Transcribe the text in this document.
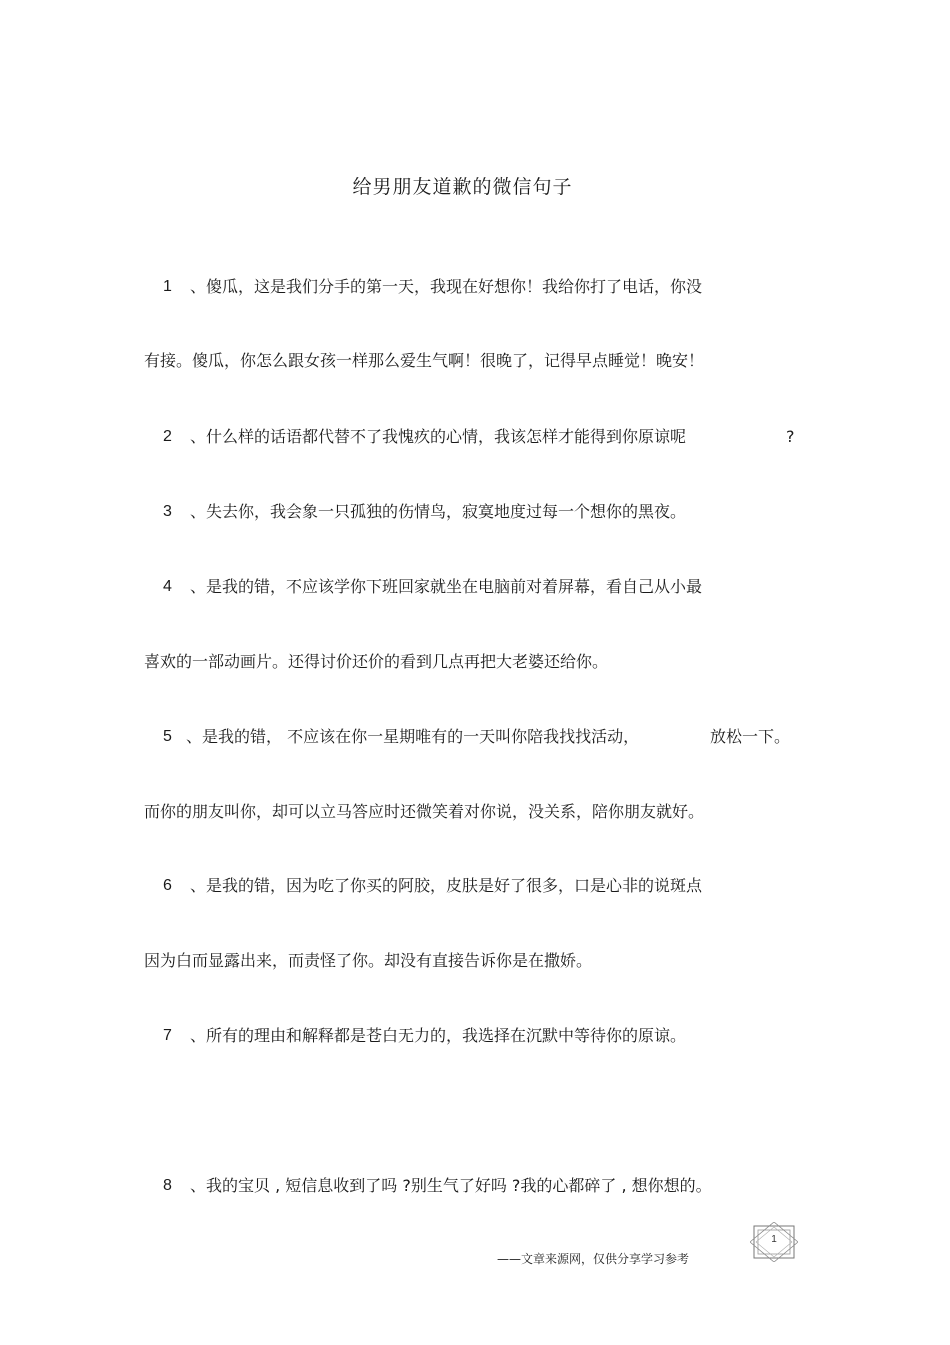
给男朋友道歉的微信句子
1 、傻瓜，这是我们分手的第一天，我现在好想你！我给你打了电话，你没
有接。傻瓜，你怎么跟女孩一样那么爱生气啊！很晚了，记得早点睡觉！晚安！
2 、什么样的话语都代替不了我愧疚的心情，我该怎样才能得到你原谅呢	?
3 、失去你，我会象一只孤独的伤情鸟，寂寞地度过每一个想你的黑夜。
4 、是我的错，不应该学你下班回家就坐在电脑前对着屏幕，看自己从小最
喜欢的一部动画片。还得讨价还价的看到几点再把大老婆还给你。
5 、是我的错， 不应该在你一星期唯有的一天叫你陪我找找活动，	放松一下。
而你的朋友叫你，却可以立马答应时还微笑着对你说，没关系，陪你朋友就好。
6 、是我的错，因为吃了你买的阿胶，皮肤是好了很多，口是心非的说斑点
因为白而显露出来，而责怪了你。却没有直接告诉你是在撒娇。
7 、所有的理由和解释都是苍白无力的，我选择在沉默中等待你的原谅。
8 、我的宝贝 , 短信息收到了吗 ?别生气了好吗 ?我的心都碎了 , 想你想的。
——文章来源网，仅供分享学习参考
1
